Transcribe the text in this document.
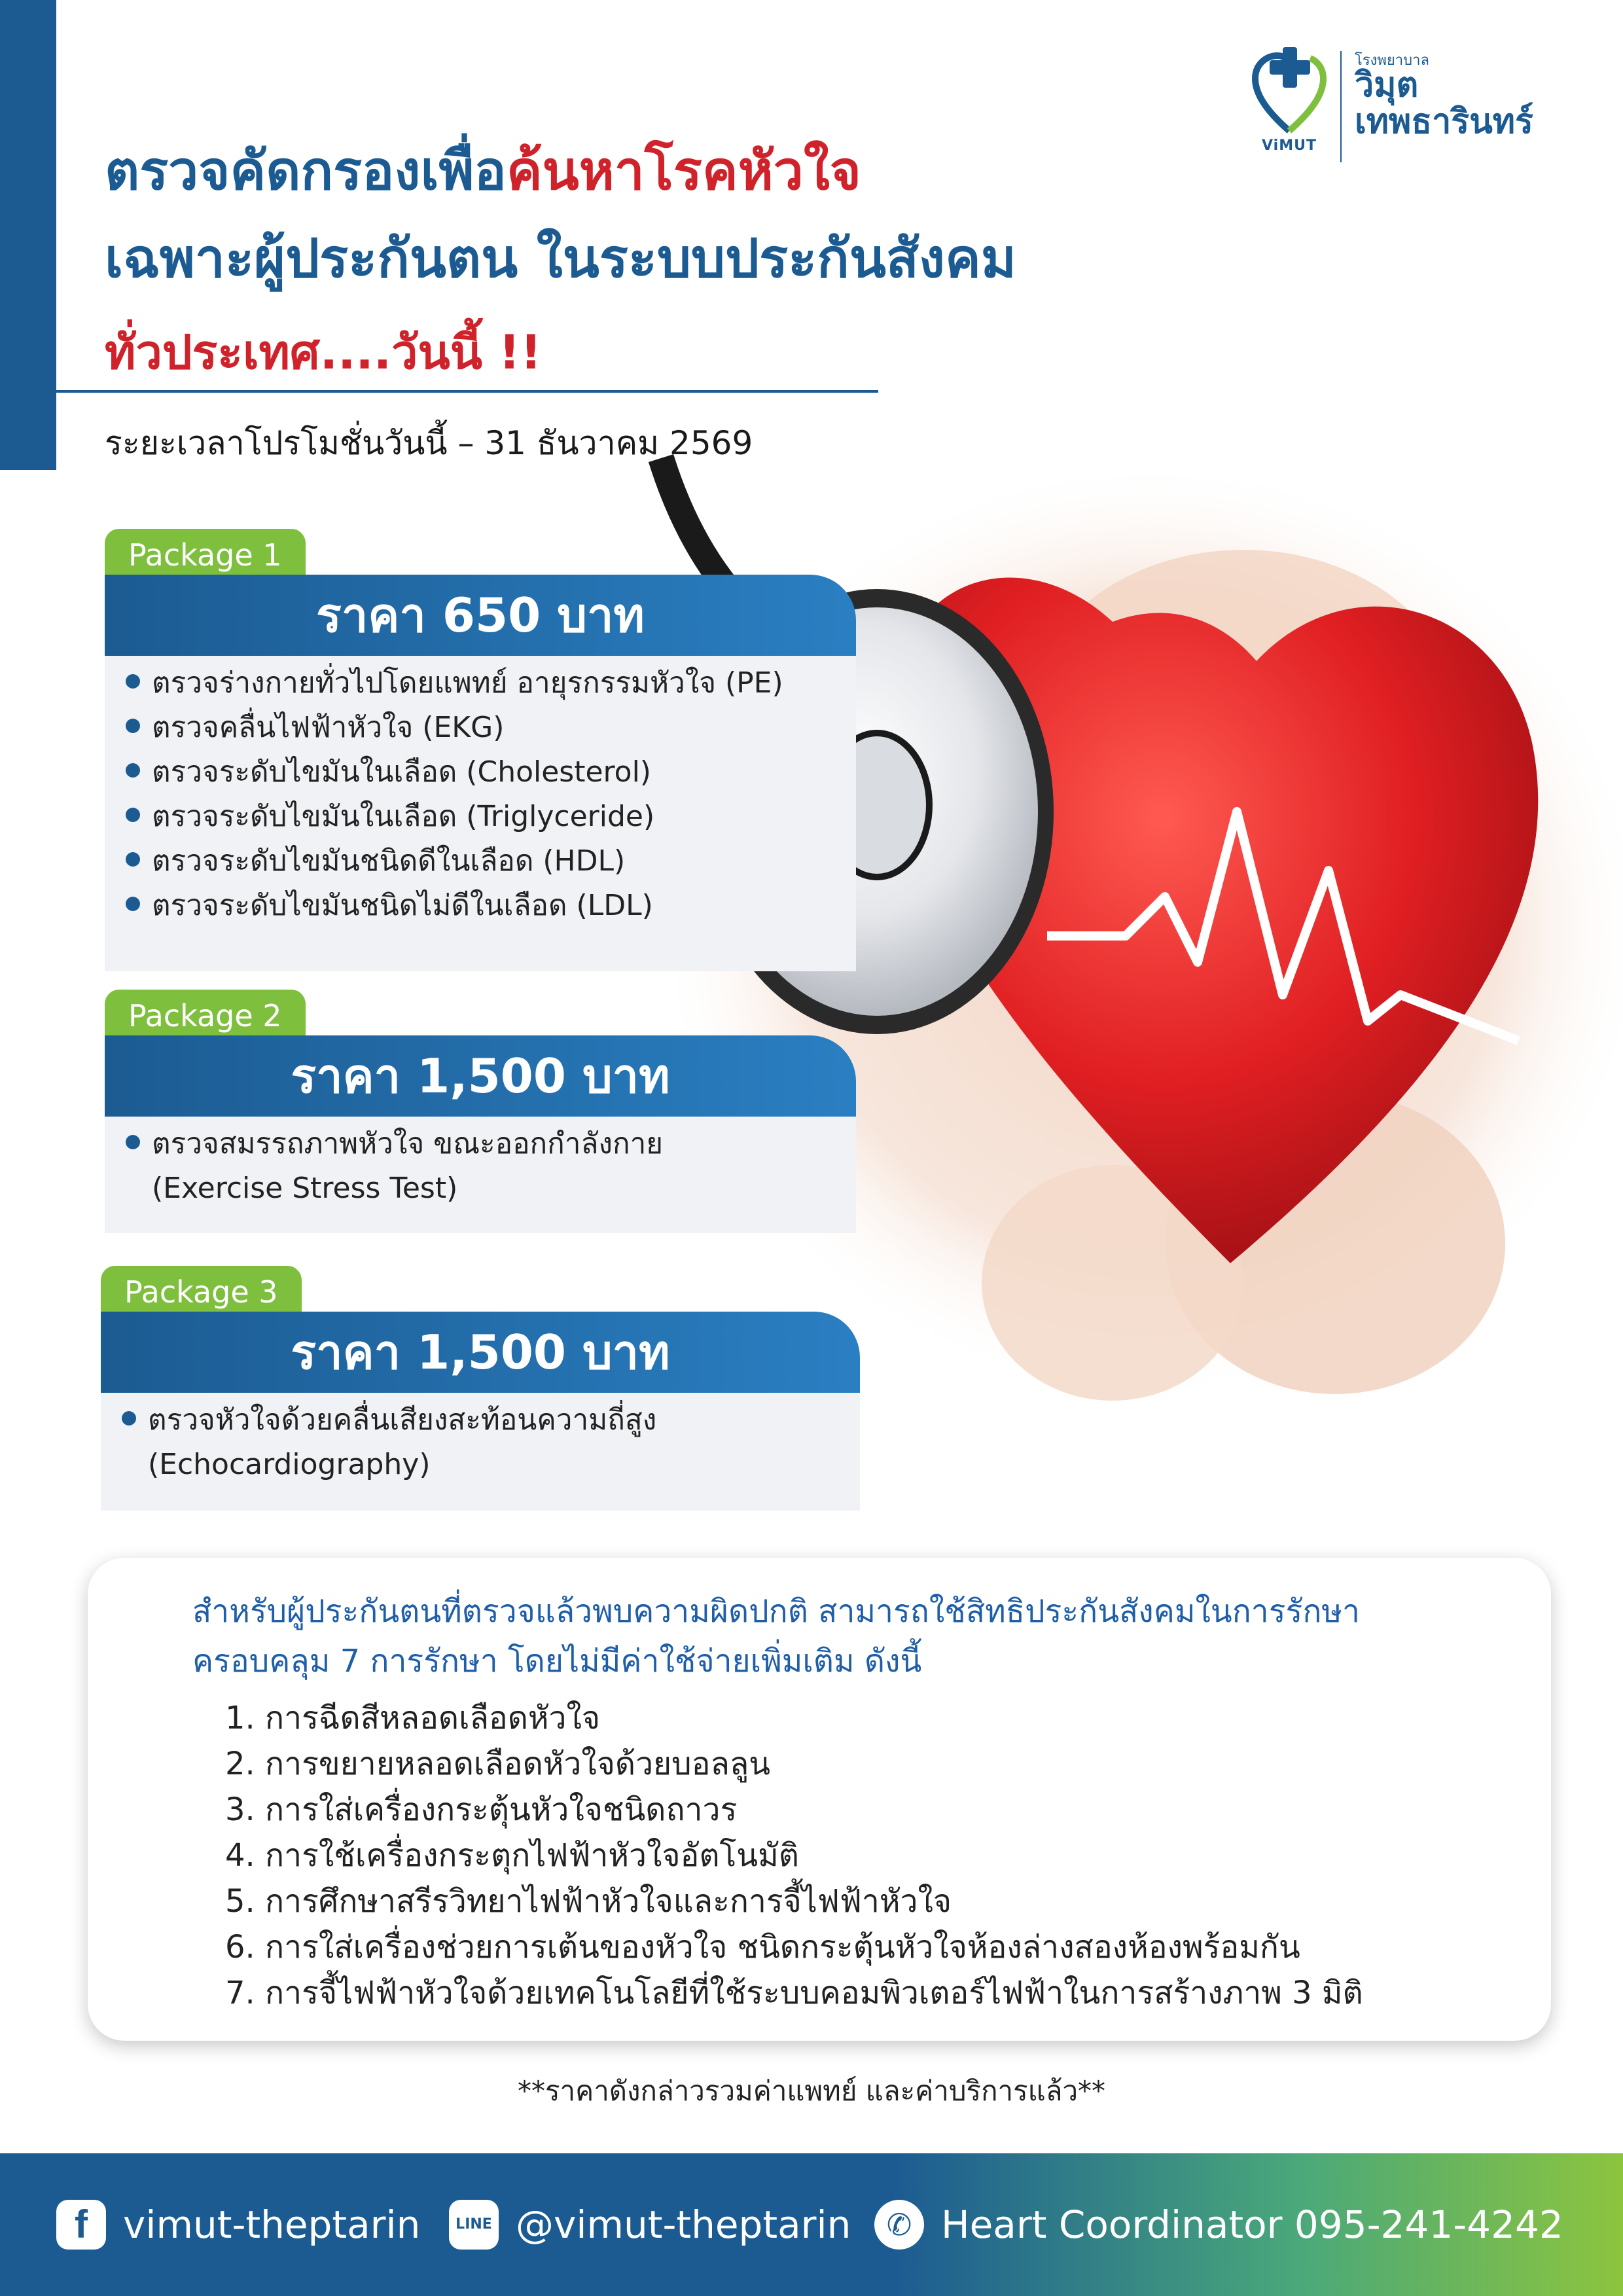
ViMUT
โรงพยาบาล
วิมุต
เทพธารินทร์
ตรวจคัดกรองเพื่อค้นหาโรคหัวใจ
เฉพาะผู้ประกันตน ในระบบประกันสังคม
ทั่วประเทศ....วันนี้ !!
ระยะเวลาโปรโมชั่นวันนี้ – 31 ธันวาคม 2569
Package 1
ราคา 650 บาท
ตรวจร่างกายทั่วไปโดยแพทย์ อายุรกรรมหัวใจ (PE)
ตรวจคลื่นไฟฟ้าหัวใจ (EKG)
ตรวจระดับไขมันในเลือด (Cholesterol)
ตรวจระดับไขมันในเลือด (Triglyceride)
ตรวจระดับไขมันชนิดดีในเลือด (HDL)
ตรวจระดับไขมันชนิดไม่ดีในเลือด (LDL)
Package 2
ราคา 1,500 บาท
ตรวจสมรรถภาพหัวใจ ขณะออกกำลังกาย
(Exercise Stress Test)
Package 3
ราคา 1,500 บาท
ตรวจหัวใจด้วยคลื่นเสียงสะท้อนความถี่สูง
(Echocardiography)
สำหรับผู้ประกันตนที่ตรวจแล้วพบความผิดปกติ สามารถใช้สิทธิประกันสังคมในการรักษา ครอบคลุม 7 การรักษา โดยไม่มีค่าใช้จ่ายเพิ่มเติม ดังนี้
1. การฉีดสีหลอดเลือดหัวใจ
2. การขยายหลอดเลือดหัวใจด้วยบอลลูน
3. การใส่เครื่องกระตุ้นหัวใจชนิดถาวร
4. การใช้เครื่องกระตุกไฟฟ้าหัวใจอัตโนมัติ
5. การศึกษาสรีรวิทยาไฟฟ้าหัวใจและการจี้ไฟฟ้าหัวใจ
6. การใส่เครื่องช่วยการเต้นของหัวใจ ชนิดกระตุ้นหัวใจห้องล่างสองห้องพร้อมกัน
7. การจี้ไฟฟ้าหัวใจด้วยเทคโนโลยีที่ใช้ระบบคอมพิวเตอร์ไฟฟ้าในการสร้างภาพ 3 มิติ
**ราคาดังกล่าวรวมค่าแพทย์ และค่าบริการแล้ว**
f vimut-theptarin	LINE @vimut-theptarin	✆ Heart Coordinator 095-241-4242
